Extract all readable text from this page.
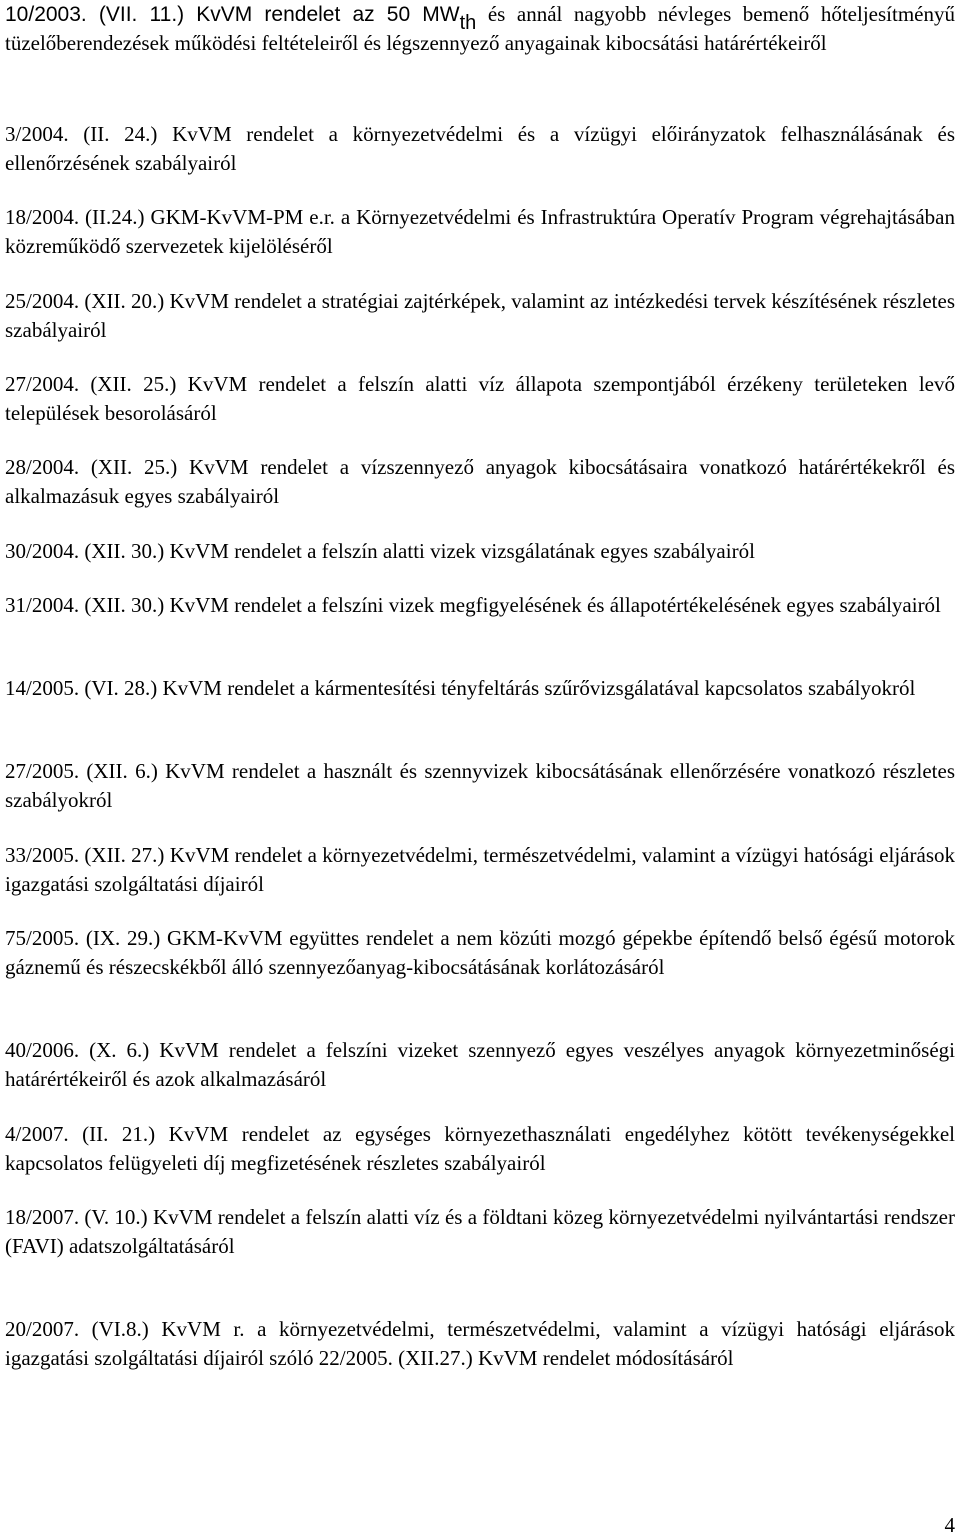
10/2003. (VII. 11.) KvVM rendelet az 50 MWth és annál nagyobb névleges bemenő hőteljesítményű tüzelőberendezések működési feltételeiről és légszennyező anyagainak kibocsátási határértékeiről

3/2004. (II. 24.) KvVM rendelet a környezetvédelmi és a vízügyi előirányzatok felhasználásának és ellenőrzésének szabályairól

18/2004. (II.24.) GKM-KvVM-PM e.r. a Környezetvédelmi és Infrastruktúra Operatív Program végrehajtásában közreműködő szervezetek kijelöléséről

25/2004. (XII. 20.) KvVM rendelet a stratégiai zajtérképek, valamint az intézkedési tervek készítésének részletes szabályairól

27/2004. (XII. 25.) KvVM rendelet a felszín alatti víz állapota szempontjából érzékeny területeken levő települések besorolásáról

28/2004. (XII. 25.) KvVM rendelet a vízszennyező anyagok kibocsátásaira vonatkozó határértékekről és alkalmazásuk egyes szabályairól

30/2004. (XII. 30.) KvVM rendelet a felszín alatti vizek vizsgálatának egyes szabályairól

31/2004. (XII. 30.) KvVM rendelet a felszíni vizek megfigyelésének és állapotértékelésének egyes szabályairól

14/2005. (VI. 28.) KvVM rendelet a kármentesítési tényfeltárás szűrővizsgálatával kapcsolatos szabályokról

27/2005. (XII. 6.) KvVM rendelet a használt és szennyvizek kibocsátásának ellenőrzésére vonatkozó részletes szabályokról

33/2005. (XII. 27.) KvVM rendelet a környezetvédelmi, természetvédelmi, valamint a vízügyi hatósági eljárások igazgatási szolgáltatási díjairól

75/2005. (IX. 29.) GKM-KvVM együttes rendelet a nem közúti mozgó gépekbe építendő belső égésű motorok gáznemű és részecskékből álló szennyezőanyag-kibocsátásának korlátozásáról

40/2006. (X. 6.) KvVM rendelet a felszíni vizeket szennyező egyes veszélyes anyagok környezetminőségi határértékeiről és azok alkalmazásáról

4/2007. (II. 21.) KvVM rendelet az egységes környezethasználati engedélyhez kötött tevékenységekkel kapcsolatos felügyeleti díj megfizetésének részletes szabályairól

18/2007. (V. 10.) KvVM rendelet a felszín alatti víz és a földtani közeg környezetvédelmi nyilvántartási rendszer (FAVI) adatszolgáltatásáról

20/2007. (VI.8.) KvVM r. a környezetvédelmi, természetvédelmi, valamint a vízügyi hatósági eljárások igazgatási szolgáltatási díjairól szóló 22/2005. (XII.27.) KvVM rendelet módosításáról

4
